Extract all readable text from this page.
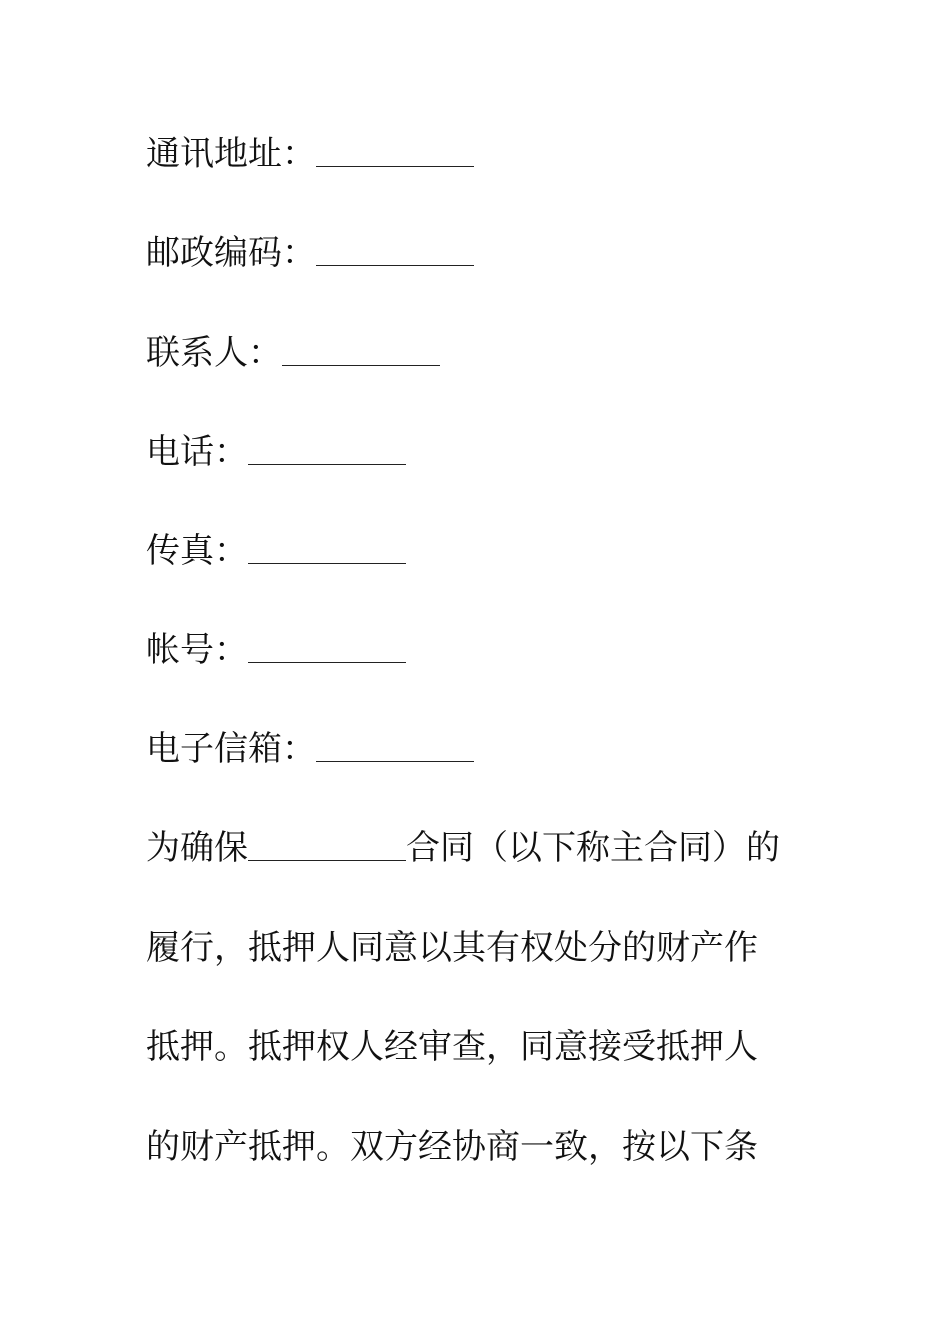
通讯地址：
邮政编码：
联系人：
电话：
传真：
帐号：
电子信箱：
为确保	合同（以下称主合同）的
履行，抵押人同意以其有权处分的财产作
抵押。抵押权人经审查，同意接受抵押人
的财产抵押。双方经协商一致，按以下条
